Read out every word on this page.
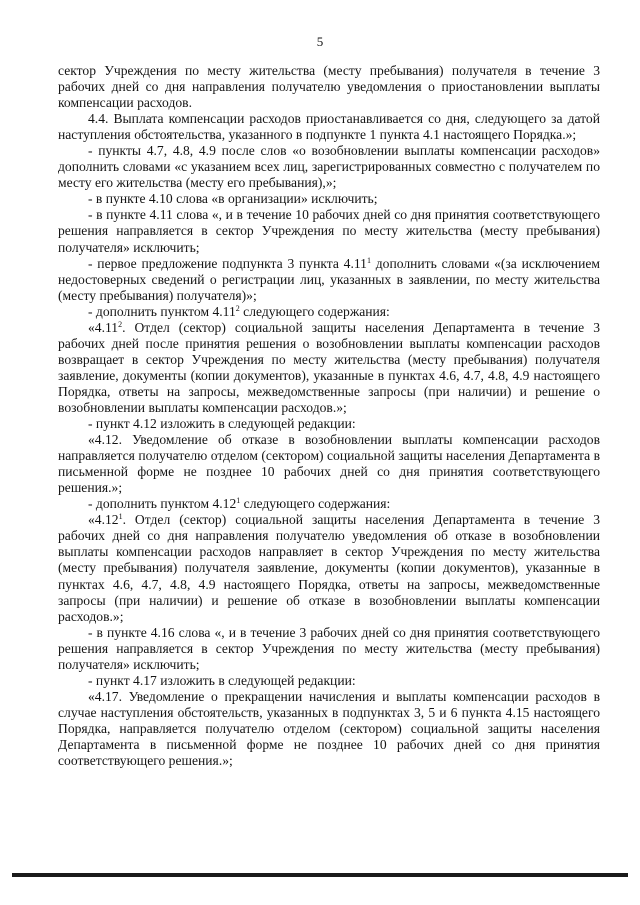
5

сектор Учреждения по месту жительства (месту пребывания) получателя в течение 3 рабочих дней со дня направления получателю уведомления о приостановлении выплаты компенсации расходов.

4.4. Выплата компенсации расходов приостанавливается со дня, следующего за датой наступления обстоятельства, указанного в подпункте 1 пункта 4.1 настоящего Порядка.»;

- пункты 4.7, 4.8, 4.9 после слов «о возобновлении выплаты компенсации расходов» дополнить словами «с указанием всех лиц, зарегистрированных совместно с получателем по месту его жительства (месту его пребывания),»;

- в пункте 4.10 слова «в организации» исключить;

- в пункте 4.11 слова «, и в течение 10 рабочих дней со дня принятия соответствующего решения направляется в сектор Учреждения по месту жительства (месту пребывания) получателя» исключить;

- первое предложение подпункта 3 пункта 4.11$^1$ дополнить словами «(за исключением недостоверных сведений о регистрации лиц, указанных в заявлении, по месту жительства (месту пребывания) получателя)»;

- дополнить пунктом 4.11$^2$ следующего содержания:

«4.11$^2$. Отдел (сектор) социальной защиты населения Департамента в течение 3 рабочих дней после принятия решения о возобновлении выплаты компенсации расходов возвращает в сектор Учреждения по месту жительства (месту пребывания) получателя заявление, документы (копии документов), указанные в пунктах 4.6, 4.7, 4.8, 4.9 настоящего Порядка, ответы на запросы, межведомственные запросы (при наличии) и решение о возобновлении выплаты компенсации расходов.»;

- пункт 4.12 изложить в следующей редакции:

«4.12. Уведомление об отказе в возобновлении выплаты компенсации расходов направляется получателю отделом (сектором) социальной защиты населения Департамента в письменной форме не позднее 10 рабочих дней со дня принятия соответствующего решения.»;

- дополнить пунктом 4.12$^1$ следующего содержания:

«4.12$^1$. Отдел (сектор) социальной защиты населения Департамента в течение 3 рабочих дней со дня направления получателю уведомления об отказе в возобновлении выплаты компенсации расходов направляет в сектор Учреждения по месту жительства (месту пребывания) получателя заявление, документы (копии документов), указанные в пунктах 4.6, 4.7, 4.8, 4.9 настоящего Порядка, ответы на запросы, межведомственные запросы (при наличии) и решение об отказе в возобновлении выплаты компенсации расходов.»;

- в пункте 4.16 слова «, и в течение 3 рабочих дней со дня принятия соответствующего решения направляется в сектор Учреждения по месту жительства (месту пребывания) получателя» исключить;

- пункт 4.17 изложить в следующей редакции:

«4.17. Уведомление о прекращении начисления и выплаты компенсации расходов в случае наступления обстоятельств, указанных в подпунктах 3, 5 и 6 пункта 4.15 настоящего Порядка, направляется получателю отделом (сектором) социальной защиты населения Департамента в письменной форме не позднее 10 рабочих дней со дня принятия соответствующего решения.»;
